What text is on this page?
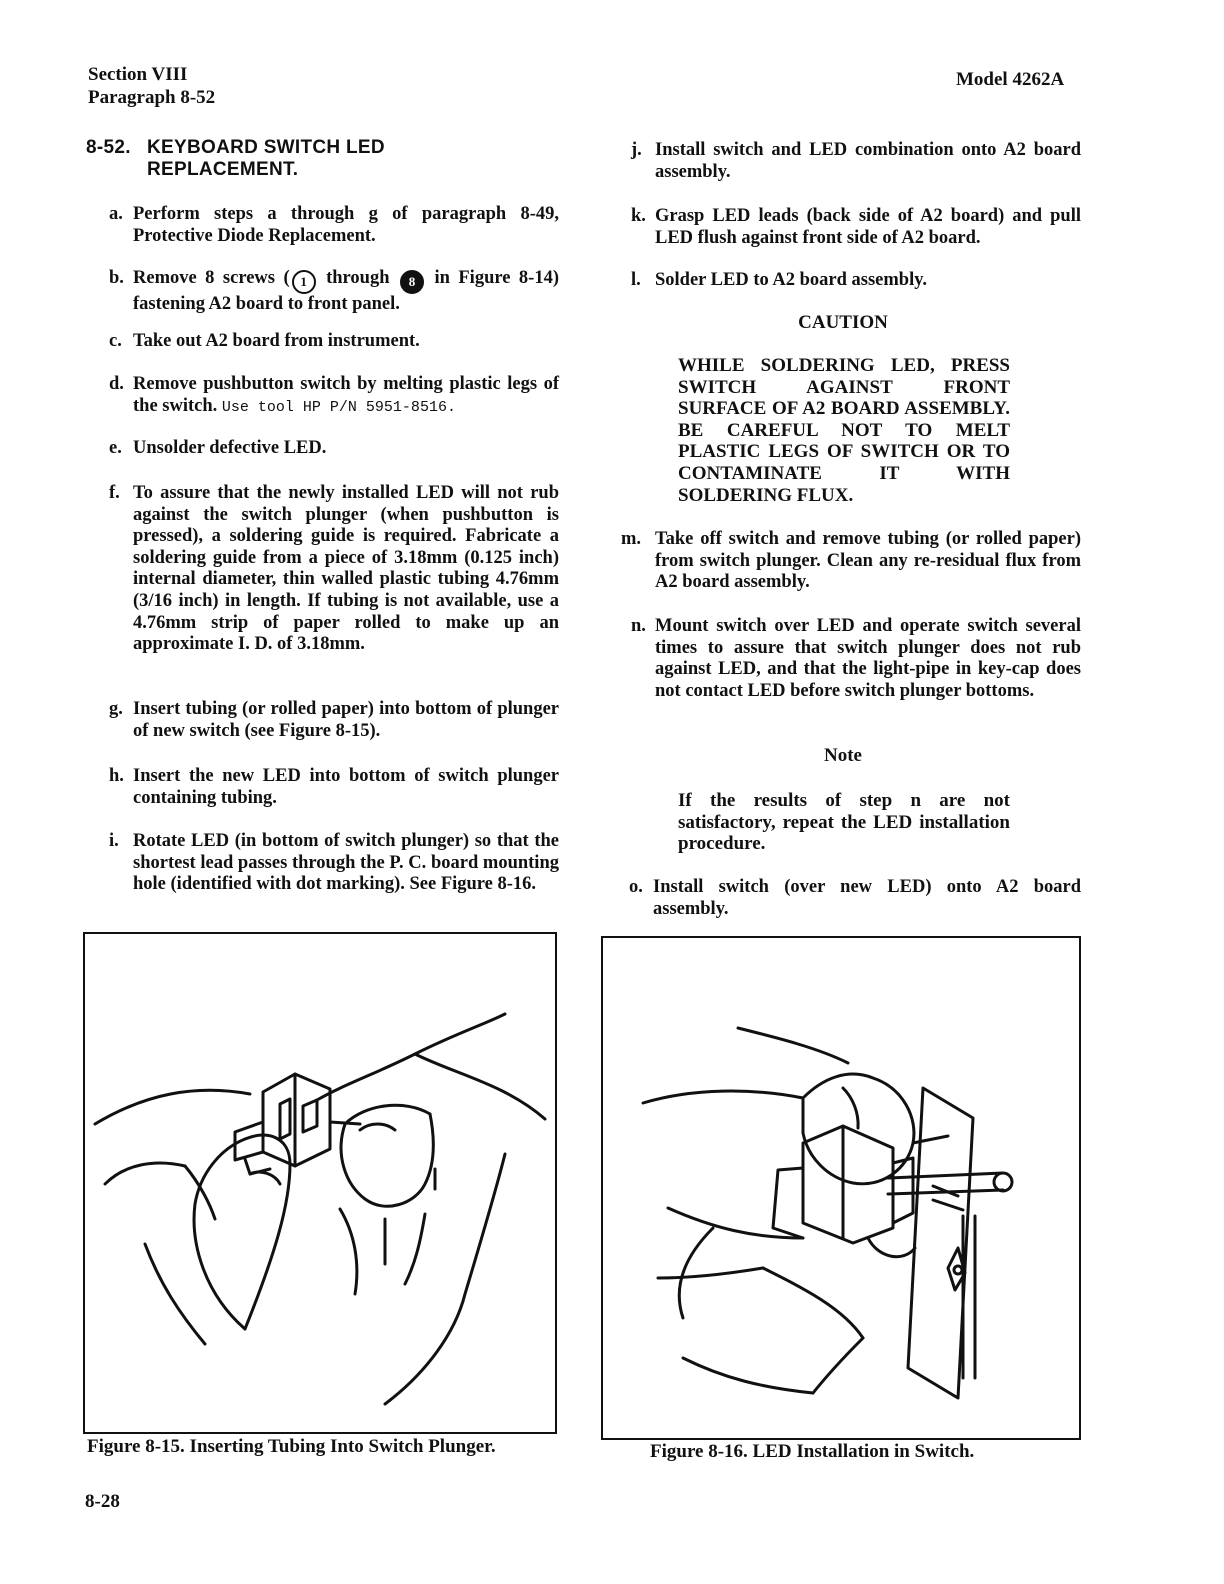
Section VIII
Paragraph 8-52
Model 4262A
8-52. KEYBOARD SWITCH LED
REPLACEMENT.
a. Perform steps a through g of paragraph 8-49, Protective Diode Replacement.
b. Remove 8 screws ( 1 through 8 in Figure 8-14) fastening A2 board to front panel.
c. Take out A2 board from instrument.
d. Remove pushbutton switch by melting plastic legs of the switch. Use tool HP P/N 5951-8516.
e. Unsolder defective LED.
f. To assure that the newly installed LED will not rub against the switch plunger (when pushbutton is pressed), a soldering guide is required. Fabricate a soldering guide from a piece of 3.18mm (0.125 inch) internal diameter, thin walled plastic tubing 4.76mm (3/16 inch) in length. If tubing is not available, use a 4.76mm strip of paper rolled to make up an approximate I. D. of 3.18mm.
g. Insert tubing (or rolled paper) into bottom of plunger of new switch (see Figure 8-15).
h. Insert the new LED into bottom of switch plunger containing tubing.
i. Rotate LED (in bottom of switch plunger) so that the shortest lead passes through the P. C. board mounting hole (identified with dot marking). See Figure 8-16.
j. Install switch and LED combination onto A2 board assembly.
k. Grasp LED leads (back side of A2 board) and pull LED flush against front side of A2 board.
l. Solder LED to A2 board assembly.
CAUTION
WHILE SOLDERING LED, PRESS SWITCH AGAINST FRONT SURFACE OF A2 BOARD ASSEMBLY. BE CAREFUL NOT TO MELT PLASTIC LEGS OF SWITCH OR TO CONTAMINATE IT WITH SOLDERING FLUX.
m. Take off switch and remove tubing (or rolled paper) from switch plunger. Clean any re-residual flux from A2 board assembly.
n. Mount switch over LED and operate switch several times to assure that switch plunger does not rub against LED, and that the light-pipe in key-cap does not contact LED before switch plunger bottoms.
Note
If the results of step n are not satisfactory, repeat the LED installation procedure.
o. Install switch (over new LED) onto A2 board assembly.
Figure 8-15. Inserting Tubing Into Switch Plunger.	Figure 8-16. LED Installation in Switch.
8-28
